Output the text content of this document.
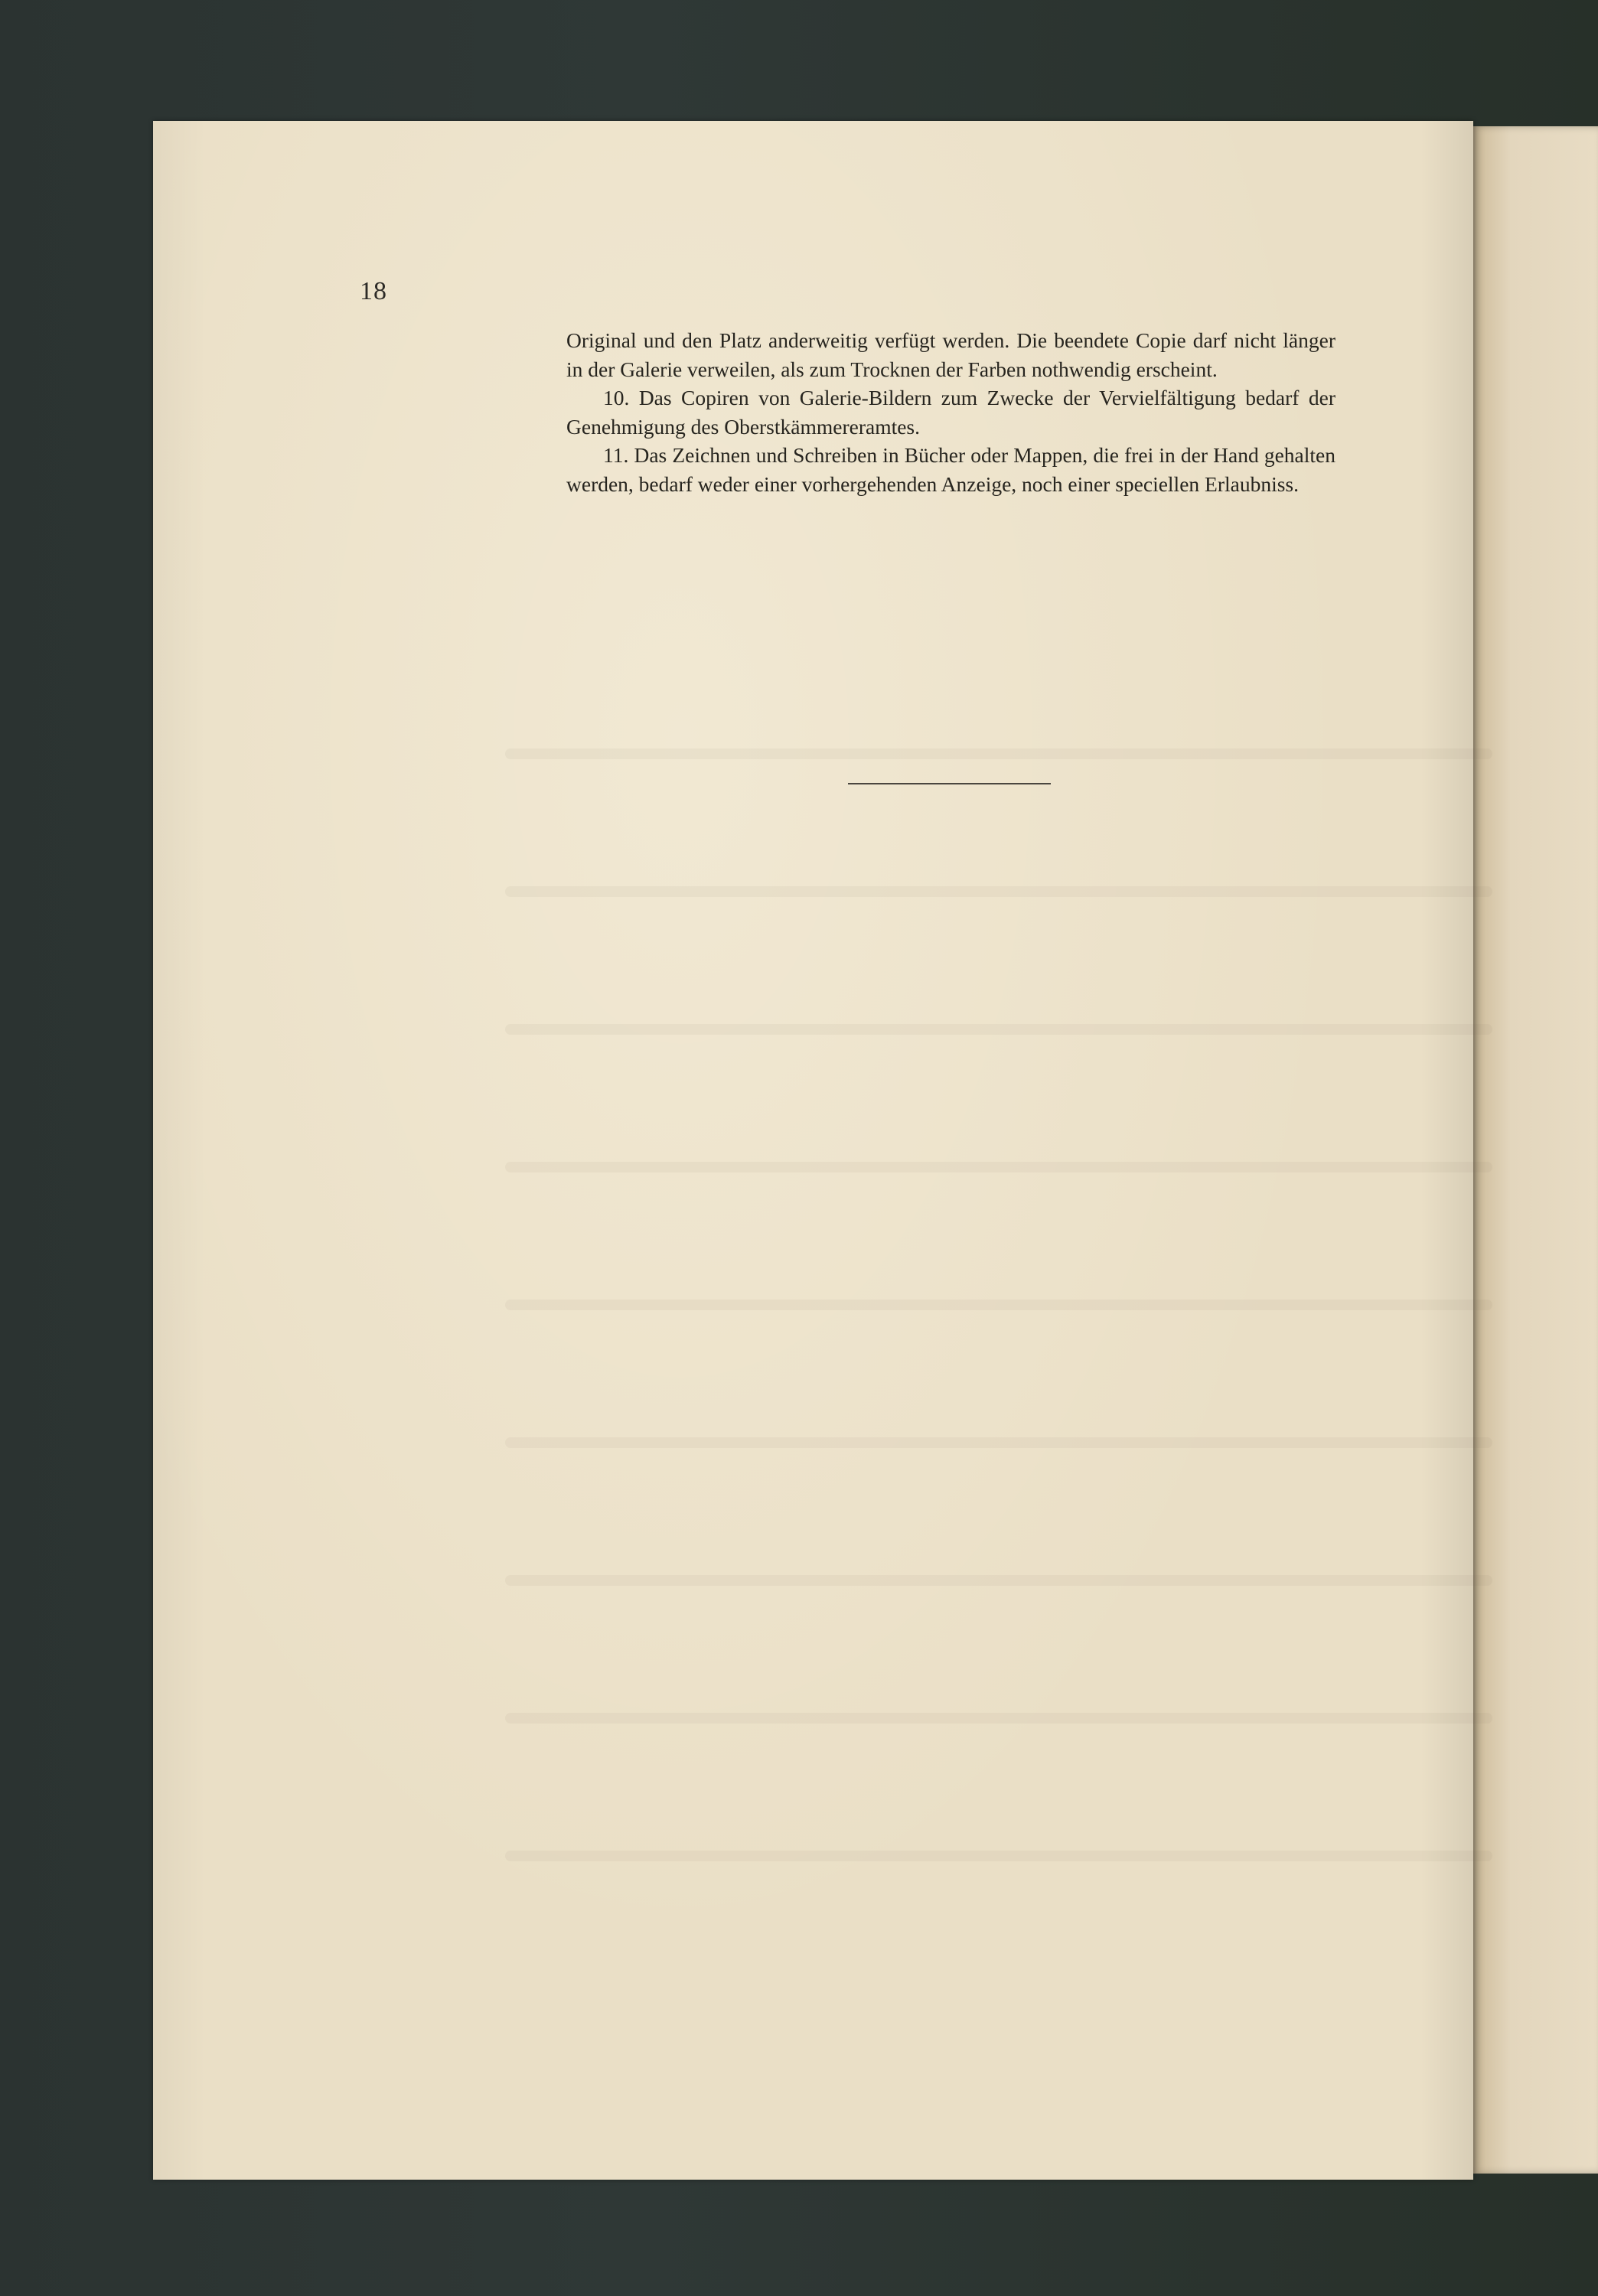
18

Original und den Platz anderweitig verfügt werden. Die beendete Copie darf nicht länger in der Galerie verweilen, als zum Trocknen der Farben nothwendig erscheint.

10. Das Copiren von Galerie-Bildern zum Zwecke der Vervielfältigung bedarf der Genehmigung des Oberstkämmereramtes.

11. Das Zeichnen und Schreiben in Bücher oder Mappen, die frei in der Hand gehalten werden, bedarf weder einer vorhergehenden Anzeige, noch einer speciellen Erlaubniss.
